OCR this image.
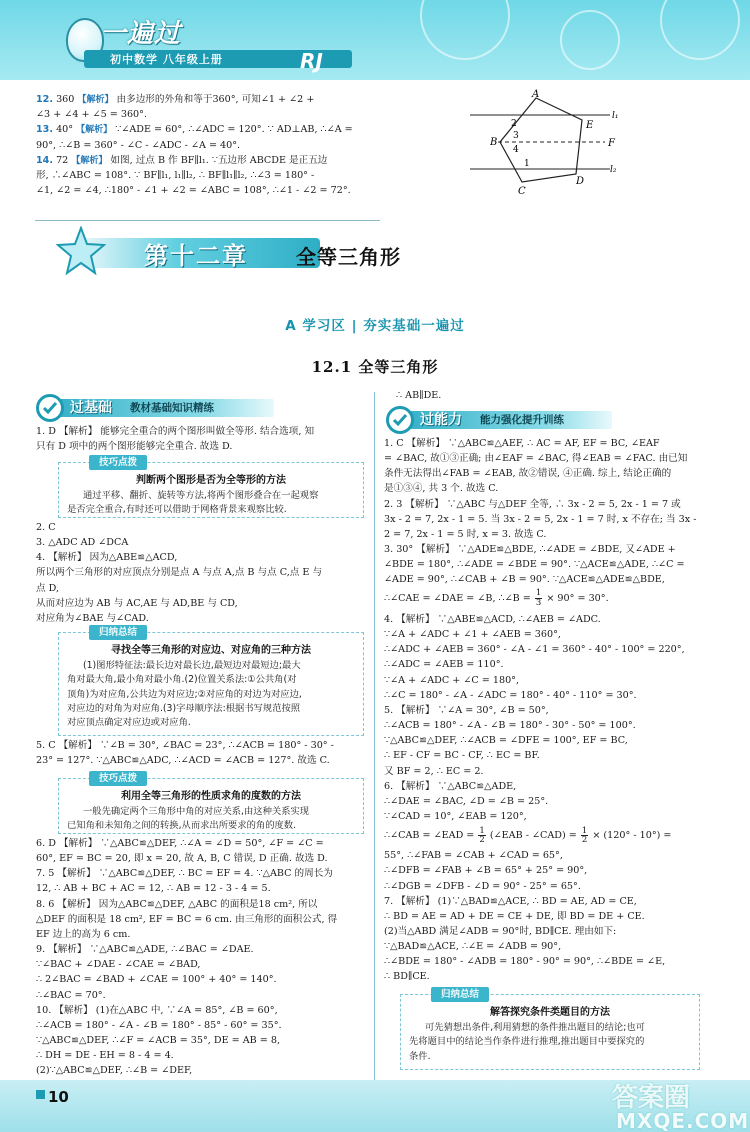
一遍过
初中数学 八年级上册	RJ
12. 360 【解析】 由多边形的外角和等于360°, 可知∠1 + ∠2 +
∠3 + ∠4 + ∠5 = 360°.
13. 40° 【解析】 ∵∠ADE = 60°, ∴∠ADC = 120°. ∵ AD⊥AB, ∴∠A =
90°, ∴∠B = 360° - ∠C - ∠ADC - ∠A = 40°.
14. 72 【解析】 如图, 过点 B 作 BF∥l₁. ∵五边形 ABCDE 是正五边
形, ∴∠ABC = 108°. ∵ BF∥l₁, l₁∥l₂, ∴ BF∥l₁∥l₂, ∴∠3 = 180° -
∠1, ∠2 = ∠4, ∴180° - ∠1 + ∠2 = ∠ABC = 108°, ∴∠1 - ∠2 = 72°.
A
E
l₁
2
3
B
4
F
1
C
D
l₂
第十二章 全等三角形
A 学习区 | 夯实基础一遍过
12.1 全等三角形
过基础 教材基础知识精练
1. D 【解析】 能够完全重合的两个图形叫做全等形. 结合选项, 知
只有 D 项中的两个图形能够完全重合. 故选 D.
技巧点拨
判断两个图形是否为全等形的方法
通过平移、翻折、旋转等方法,将两个图形叠合在一起观察
是否完全重合,有时还可以借助于网格背景来观察比较.
2. C
3. △ADC AD ∠DCA
4. 【解析】 因为△ABE≌△ACD,
所以两个三角形的对应顶点分别是点 A 与点 A,点 B 与点 C,点 E 与
点 D,
从而对应边为 AB 与 AC,AE 与 AD,BE 与 CD,
对应角为∠BAE 与∠CAD.
归纳总结
寻找全等三角形的对应边、对应角的三种方法
(1)图形特征法:最长边对最长边,最短边对最短边;最大
角对最大角,最小角对最小角.(2)位置关系法:①公共角(对
顶角)为对应角,公共边为对应边;②对应角的对边为对应边,
对应边的对角为对应角.(3)字母顺序法:根据书写规范按照
对应顶点确定对应边或对应角.
5. C 【解析】 ∵∠B = 30°, ∠BAC = 23°, ∴∠ACB = 180° - 30° -
23° = 127°. ∵△ABC≌△ADC, ∴∠ACD = ∠ACB = 127°. 故选 C.
技巧点拨
利用全等三角形的性质求角的度数的方法
一般先确定两个三角形中角的对应关系,由这种关系实现
已知角和未知角之间的转换,从而求出所要求的角的度数.
6. D 【解析】 ∵△ABC≌△DEF, ∴∠A = ∠D = 50°, ∠F = ∠C =
60°, EF = BC = 20, 即 x = 20, 故 A, B, C 错误, D 正确. 故选 D.
7. 5 【解析】 ∵△ABC≌△DEF, ∴ BC = EF = 4. ∵△ABC 的周长为
12, ∴ AB + BC + AC = 12, ∴ AB = 12 - 3 - 4 = 5.
8. 6 【解析】 因为△ABC≌△DEF, △ABC 的面积是18 cm², 所以
△DEF 的面积是 18 cm², EF = BC = 6 cm. 由三角形的面积公式, 得
EF 边上的高为 6 cm.
9. 【解析】 ∵△ABC≌△ADE, ∴∠BAC = ∠DAE.
∵∠BAC + ∠DAE - ∠CAE = ∠BAD,
∴ 2∠BAC = ∠BAD + ∠CAE = 100° + 40° = 140°.
∴∠BAC = 70°.
10. 【解析】 (1)在△ABC 中, ∵∠A = 85°, ∠B = 60°,
∴∠ACB = 180° - ∠A - ∠B = 180° - 85° - 60° = 35°.
∵△ABC≌△DEF, ∴∠F = ∠ACB = 35°, DE = AB = 8,
∴ DH = DE - EH = 8 - 4 = 4.
(2)∵△ABC≌△DEF, ∴∠B = ∠DEF,
∴ AB∥DE.
过能力 能力强化提升训练
1. C 【解析】 ∵△ABC≌△AEF, ∴ AC = AF, EF = BC, ∠EAF
= ∠BAC, 故①③正确; 由∠EAF = ∠BAC, 得∠EAB = ∠FAC. 由已知
条件无法得出∠FAB = ∠EAB, 故②错误, ④正确. 综上, 结论正确的
是①③④, 共 3 个. 故选 C.
2. 3 【解析】 ∵△ABC 与△DEF 全等, ∴ 3x - 2 = 5, 2x - 1 = 7 或
3x - 2 = 7, 2x - 1 = 5. 当 3x - 2 = 5, 2x - 1 = 7 时, x 不存在; 当 3x -
2 = 7, 2x - 1 = 5 时, x = 3. 故选 C.
3. 30° 【解析】 ∵△ADE≌△BDE, ∴∠ADE = ∠BDE, 又∠ADE +
∠BDE = 180°, ∴∠ADE = ∠BDE = 90°. ∵△ACE≌△ADE, ∴∠C =
∠ADE = 90°, ∴∠CAB + ∠B = 90°. ∵△ACE≌△ADE≌△BDE,
∴∠CAE = ∠DAE = ∠B, ∴∠B = $\frac{1}{3} \times 90^\circ = 30^\circ$.
4. 【解析】 ∵△ABE≌△ACD, ∴∠AEB = ∠ADC.
∵∠A + ∠ADC + ∠1 + ∠AEB = 360°,
∴∠ADC + ∠AEB = 360° - ∠A - ∠1 = 360° - 40° - 100° = 220°,
∴∠ADC = ∠AEB = 110°.
∵∠A + ∠ADC + ∠C = 180°,
∴∠C = 180° - ∠A - ∠ADC = 180° - 40° - 110° = 30°.
5. 【解析】 ∵∠A = 30°, ∠B = 50°,
∴∠ACB = 180° - ∠A - ∠B = 180° - 30° - 50° = 100°.
∵△ABC≌△DEF, ∴∠ACB = ∠DFE = 100°, EF = BC,
∴ EF - CF = BC - CF, ∴ EC = BF.
又 BF = 2, ∴ EC = 2.
6. 【解析】 ∵△ABC≌△ADE,
∴∠DAE = ∠BAC, ∠D = ∠B = 25°.
∵∠CAD = 10°, ∠EAB = 120°,
∴∠CAB = ∠EAD = $\frac{1}{2}$ (∠EAB - ∠CAD) = $\frac{1}{2} \times (120^\circ - 10^\circ)$ =
55°, ∴∠FAB = ∠CAB + ∠CAD = 65°,
∴∠DFB = ∠FAB + ∠B = 65° + 25° = 90°,
∴∠DGB = ∠DFB - ∠D = 90° - 25° = 65°.
7. 【解析】 (1)∵△BAD≌△ACE, ∴ BD = AE, AD = CE,
∴ BD = AE = AD + DE = CE + DE, 即 BD = DE + CE.
(2)当△ABD 满足∠ADB = 90°时, BD∥CE. 理由如下:
∵△BAD≌△ACE, ∴∠E = ∠ADB = 90°,
∴∠BDE = 180° - ∠ADB = 180° - 90° = 90°, ∴∠BDE = ∠E,
∴ BD∥CE.
归纳总结
解答探究条件类题目的方法
可先猜想出条件,利用猜想的条件推出题目的结论;也可
先将题目中的结论当作条件进行推理,推出题目中要探究的
条件.
10	答案圈
MXQE.COM
